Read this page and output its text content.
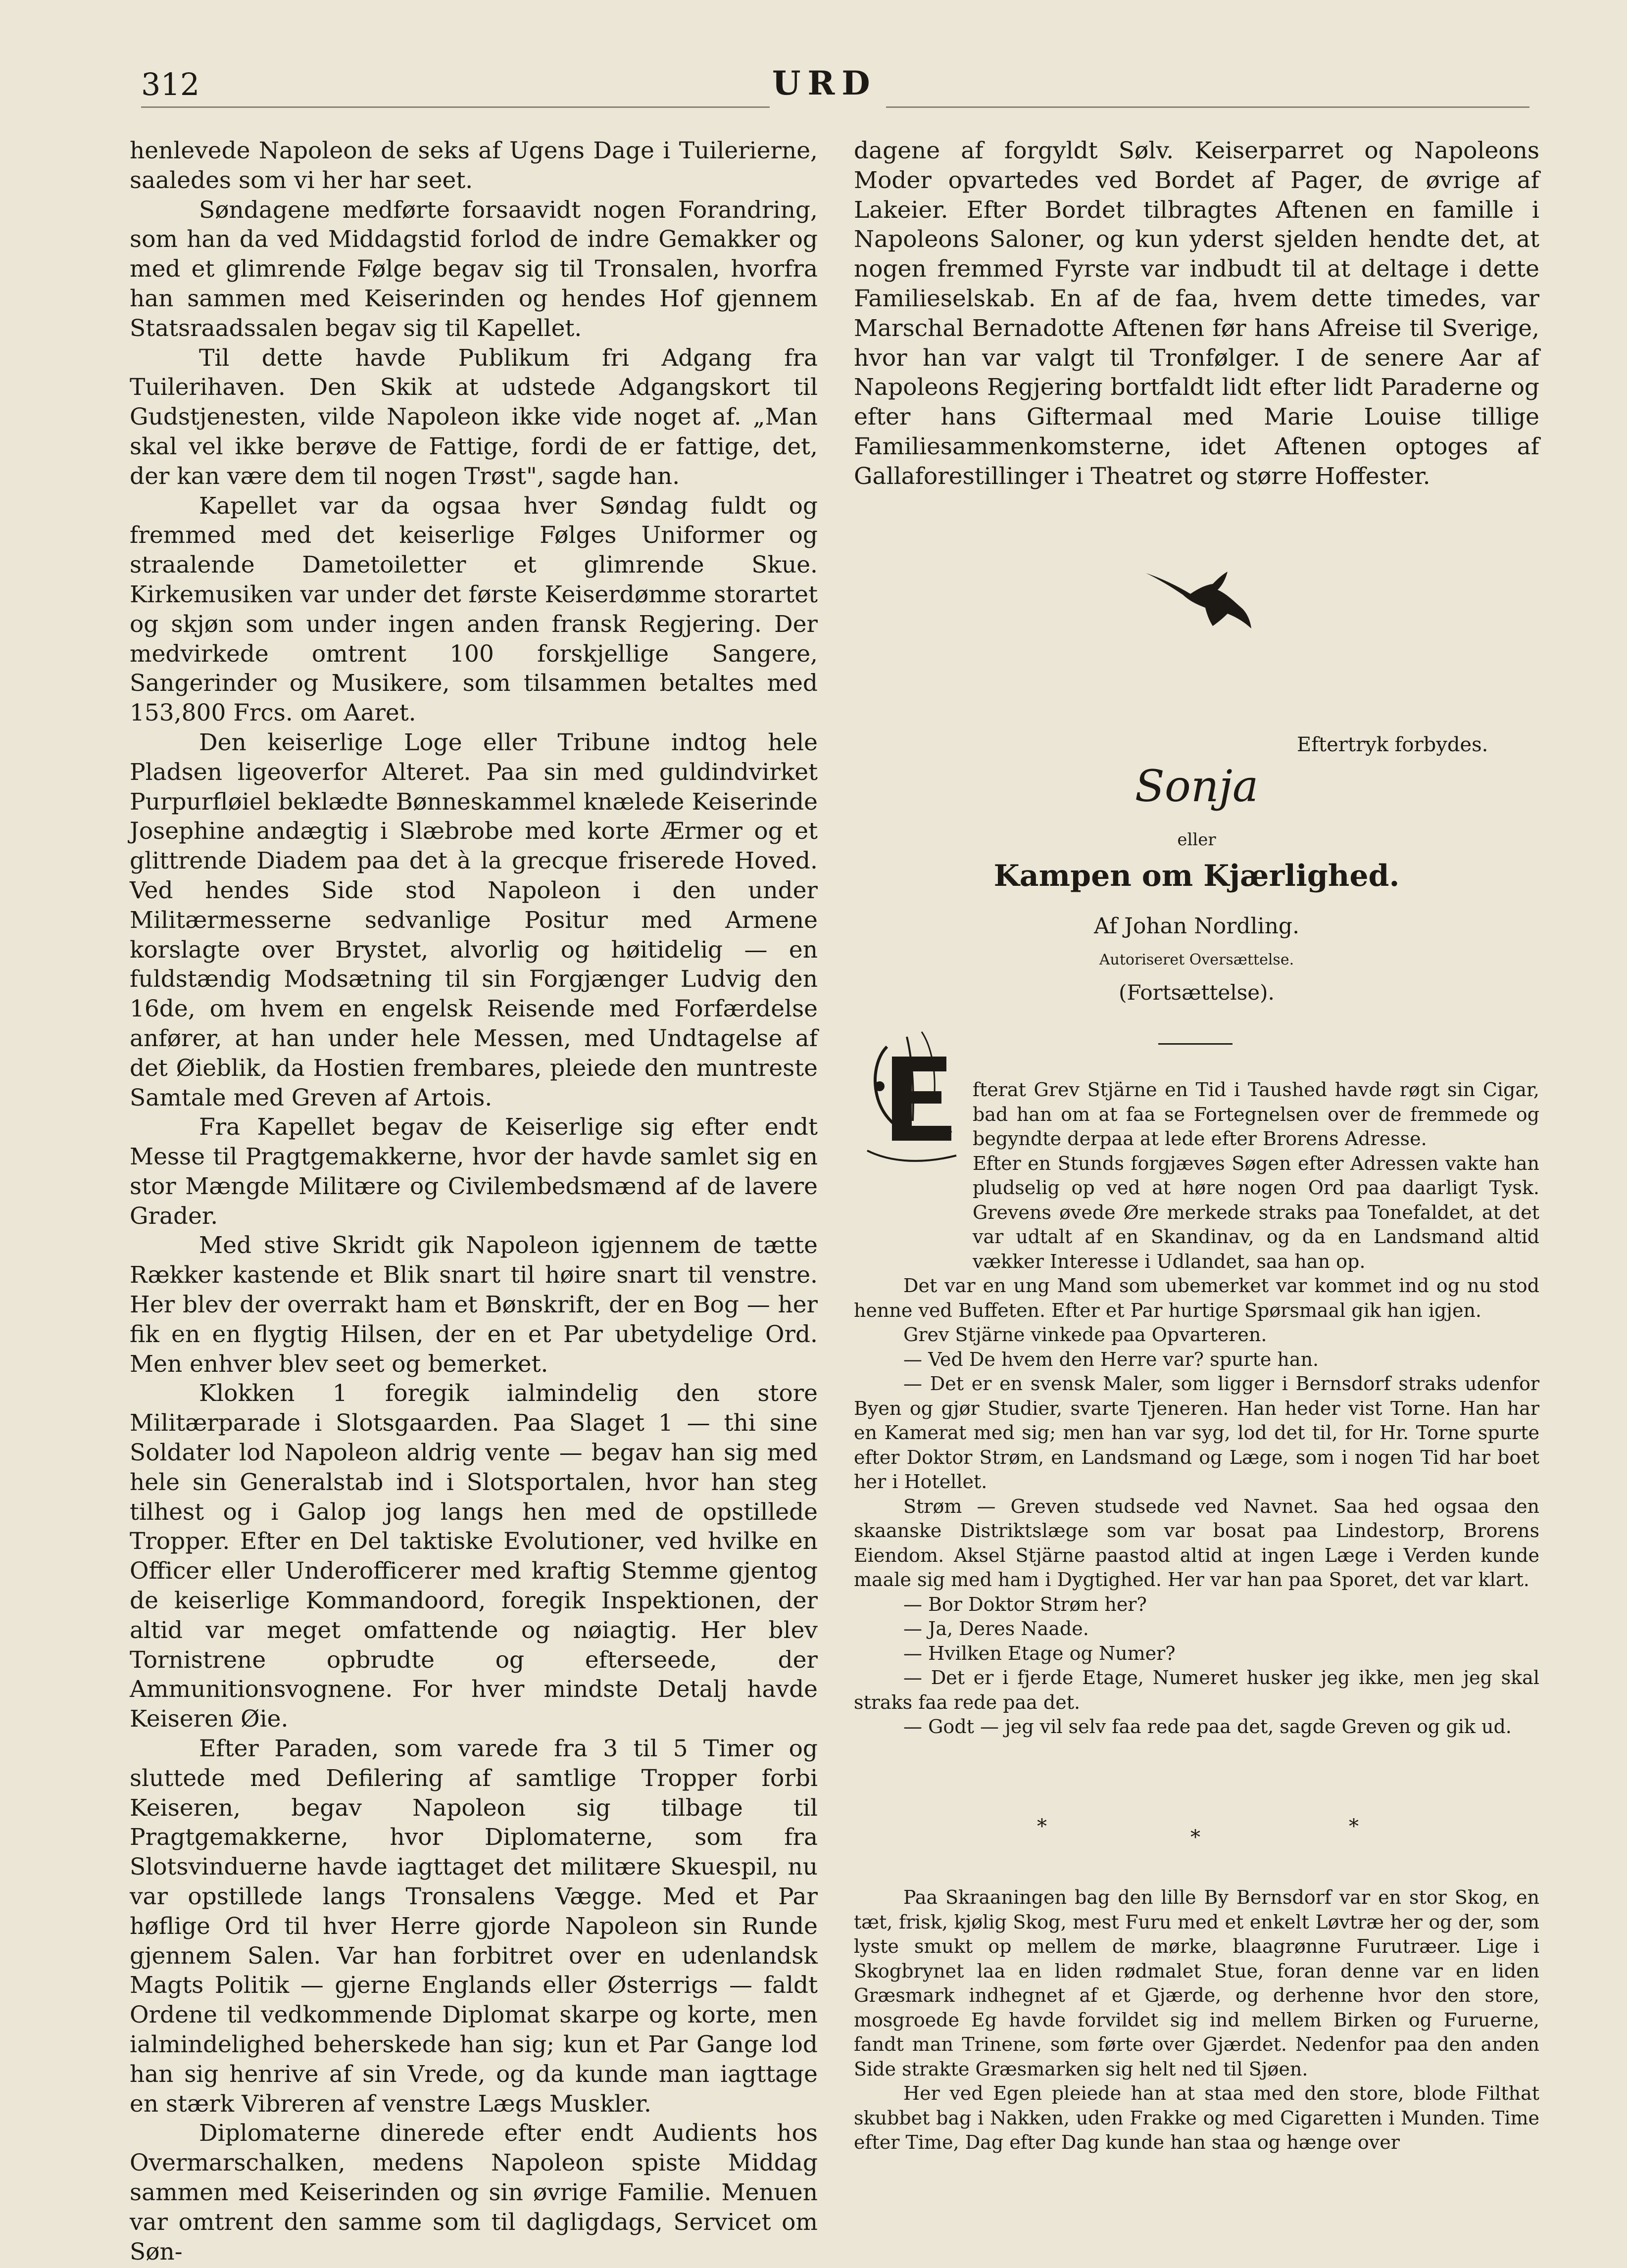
312	URD

henlevede Napoleon de seks af Ugens Dage i Tuilerierne, saaledes som vi her har seet.

Søndagene medførte forsaavidt nogen Forandring, som han da ved Middagstid forlod de indre Gemakker og med et glimrende Følge begav sig til Tronsalen, hvorfra han sammen med Keiserinden og hendes Hof gjennem Statsraadssalen begav sig til Kapellet.

Til dette havde Publikum fri Adgang fra Tuilerihaven. Den Skik at udstede Adgangskort til Gudstjenesten, vilde Napoleon ikke vide noget af. „Man skal vel ikke berøve de Fattige, fordi de er fattige, det, der kan være dem til nogen Trøst", sagde han.

Kapellet var da ogsaa hver Søndag fuldt og fremmed med det keiserlige Følges Uniformer og straalende Dametoiletter et glimrende Skue. Kirkemusiken var under det første Keiserdømme storartet og skjøn som under ingen anden fransk Regjering. Der medvirkede omtrent 100 forskjellige Sangere, Sangerinder og Musikere, som tilsammen betaltes med 153,800 Frcs. om Aaret.

Den keiserlige Loge eller Tribune indtog hele Pladsen ligeoverfor Alteret. Paa sin med guldindvirket Purpurfløiel beklædte Bønneskammel knælede Keiserinde Josephine andægtig i Slæbrobe med korte Ærmer og et glittrende Diadem paa det à la grecque friserede Hoved. Ved hendes Side stod Napoleon i den under Militærmesserne sedvanlige Positur med Armene korslagte over Brystet, alvorlig og høitidelig — en fuldstændig Modsætning til sin Forgjænger Ludvig den 16de, om hvem en engelsk Reisende med Forfærdelse anfører, at han under hele Messen, med Undtagelse af det Øieblik, da Hostien frembares, pleiede den muntreste Samtale med Greven af Artois.

Fra Kapellet begav de Keiserlige sig efter endt Messe til Pragtgemakkerne, hvor der havde samlet sig en stor Mængde Militære og Civilembedsmænd af de lavere Grader.

Med stive Skridt gik Napoleon igjennem de tætte Rækker kastende et Blik snart til høire snart til venstre. Her blev der overrakt ham et Bønskrift, der en Bog — her fik en en flygtig Hilsen, der en et Par ubetydelige Ord. Men enhver blev seet og bemerket.

Klokken 1 foregik ialmindelig den store Militærparade i Slotsgaarden. Paa Slaget 1 — thi sine Soldater lod Napoleon aldrig vente — begav han sig med hele sin Generalstab ind i Slotsportalen, hvor han steg tilhest og i Galop jog langs hen med de opstillede Tropper. Efter en Del taktiske Evolutioner, ved hvilke en Officer eller Underofficerer med kraftig Stemme gjentog de keiserlige Kommandoord, foregik Inspektionen, der altid var meget omfattende og nøiagtig. Her blev Tornistrene opbrudte og efterseede, der Ammunitionsvognene. For hver mindste Detalj havde Keiseren Øie.

Efter Paraden, som varede fra 3 til 5 Timer og sluttede med Defilering af samtlige Tropper forbi Keiseren, begav Napoleon sig tilbage til Pragtgemakkerne, hvor Diplomaterne, som fra Slotsvinduerne havde iagttaget det militære Skuespil, nu var opstillede langs Tronsalens Vægge. Med et Par høflige Ord til hver Herre gjorde Napoleon sin Runde gjennem Salen. Var han forbitret over en udenlandsk Magts Politik — gjerne Englands eller Østerrigs — faldt Ordene til vedkommende Diplomat skarpe og korte, men ialmindelighed beherskede han sig; kun et Par Gange lod han sig henrive af sin Vrede, og da kunde man iagttage en stærk Vibreren af venstre Lægs Muskler.

Diplomaterne dinerede efter endt Audients hos Overmarschalken, medens Napoleon spiste Middag sammen med Keiserinden og sin øvrige Familie. Menuen var omtrent den samme som til dagligdags, Servicet om Søn-

dagene af forgyldt Sølv. Keiserparret og Napoleons Moder opvartedes ved Bordet af Pager, de øvrige af Lakeier. Efter Bordet tilbragtes Aftenen en famille i Napoleons Saloner, og kun yderst sjelden hendte det, at nogen fremmed Fyrste var indbudt til at deltage i dette Familieselskab. En af de faa, hvem dette timedes, var Marschal Bernadotte Aftenen før hans Afreise til Sverige, hvor han var valgt til Tronfølger. I de senere Aar af Napoleons Regjering bortfaldt lidt efter lidt Paraderne og efter hans Giftermaal med Marie Louise tillige Familiesammenkomsterne, idet Aftenen optoges af Gallaforestillinger i Theatret og større Hoffester.

Eftertryk forbydes.
Sonja
eller
Kampen om Kjærlighed.
Af Johan Nordling.
Autoriseret Oversættelse.
(Fortsættelse).

fterat Grev Stjärne en Tid i Taushed havde røgt sin Cigar, bad han om at faa se Fortegnelsen over de fremmede og begyndte derpaa at lede efter Brorens Adresse.

Efter en Stunds forgjæves Søgen efter Adressen vakte han pludselig op ved at høre nogen Ord paa daarligt Tysk. Grevens øvede Øre merkede straks paa Tonefaldet, at det var udtalt af en Skandinav, og da en Landsmand altid vækker Interesse i Udlandet, saa han op.

Det var en ung Mand som ubemerket var kommet ind og nu stod henne ved Buffeten. Efter et Par hurtige Spørsmaal gik han igjen.

Grev Stjärne vinkede paa Opvarteren.

— Ved De hvem den Herre var? spurte han.

— Det er en svensk Maler, som ligger i Bernsdorf straks udenfor Byen og gjør Studier, svarte Tjeneren. Han heder vist Torne. Han har en Kamerat med sig; men han var syg, lod det til, for Hr. Torne spurte efter Doktor Strøm, en Landsmand og Læge, som i nogen Tid har boet her i Hotellet.

Strøm — Greven studsede ved Navnet. Saa hed ogsaa den skaanske Distriktslæge som var bosat paa Lindestorp, Brorens Eiendom. Aksel Stjärne paastod altid at ingen Læge i Verden kunde maale sig med ham i Dygtighed. Her var han paa Sporet, det var klart.

— Bor Doktor Strøm her?

— Ja, Deres Naade.

— Hvilken Etage og Numer?

— Det er i fjerde Etage, Numeret husker jeg ikke, men jeg skal straks faa rede paa det.

— Godt — jeg vil selv faa rede paa det, sagde Greven og gik ud.

*	*	*

Paa Skraaningen bag den lille By Bernsdorf var en stor Skog, en tæt, frisk, kjølig Skog, mest Furu med et enkelt Løvtræ her og der, som lyste smukt op mellem de mørke, blaagrønne Furutræer. Lige i Skogbrynet laa en liden rødmalet Stue, foran denne var en liden Græsmark indhegnet af et Gjærde, og derhenne hvor den store, mosgroede Eg havde forvildet sig ind mellem Birken og Furuerne, fandt man Trinene, som førte over Gjærdet. Nedenfor paa den anden Side strakte Græsmarken sig helt ned til Sjøen.

Her ved Egen pleiede han at staa med den store, blode Filthat skubbet bag i Nakken, uden Frakke og med Cigaretten i Munden. Time efter Time, Dag efter Dag kunde han staa og hænge over
